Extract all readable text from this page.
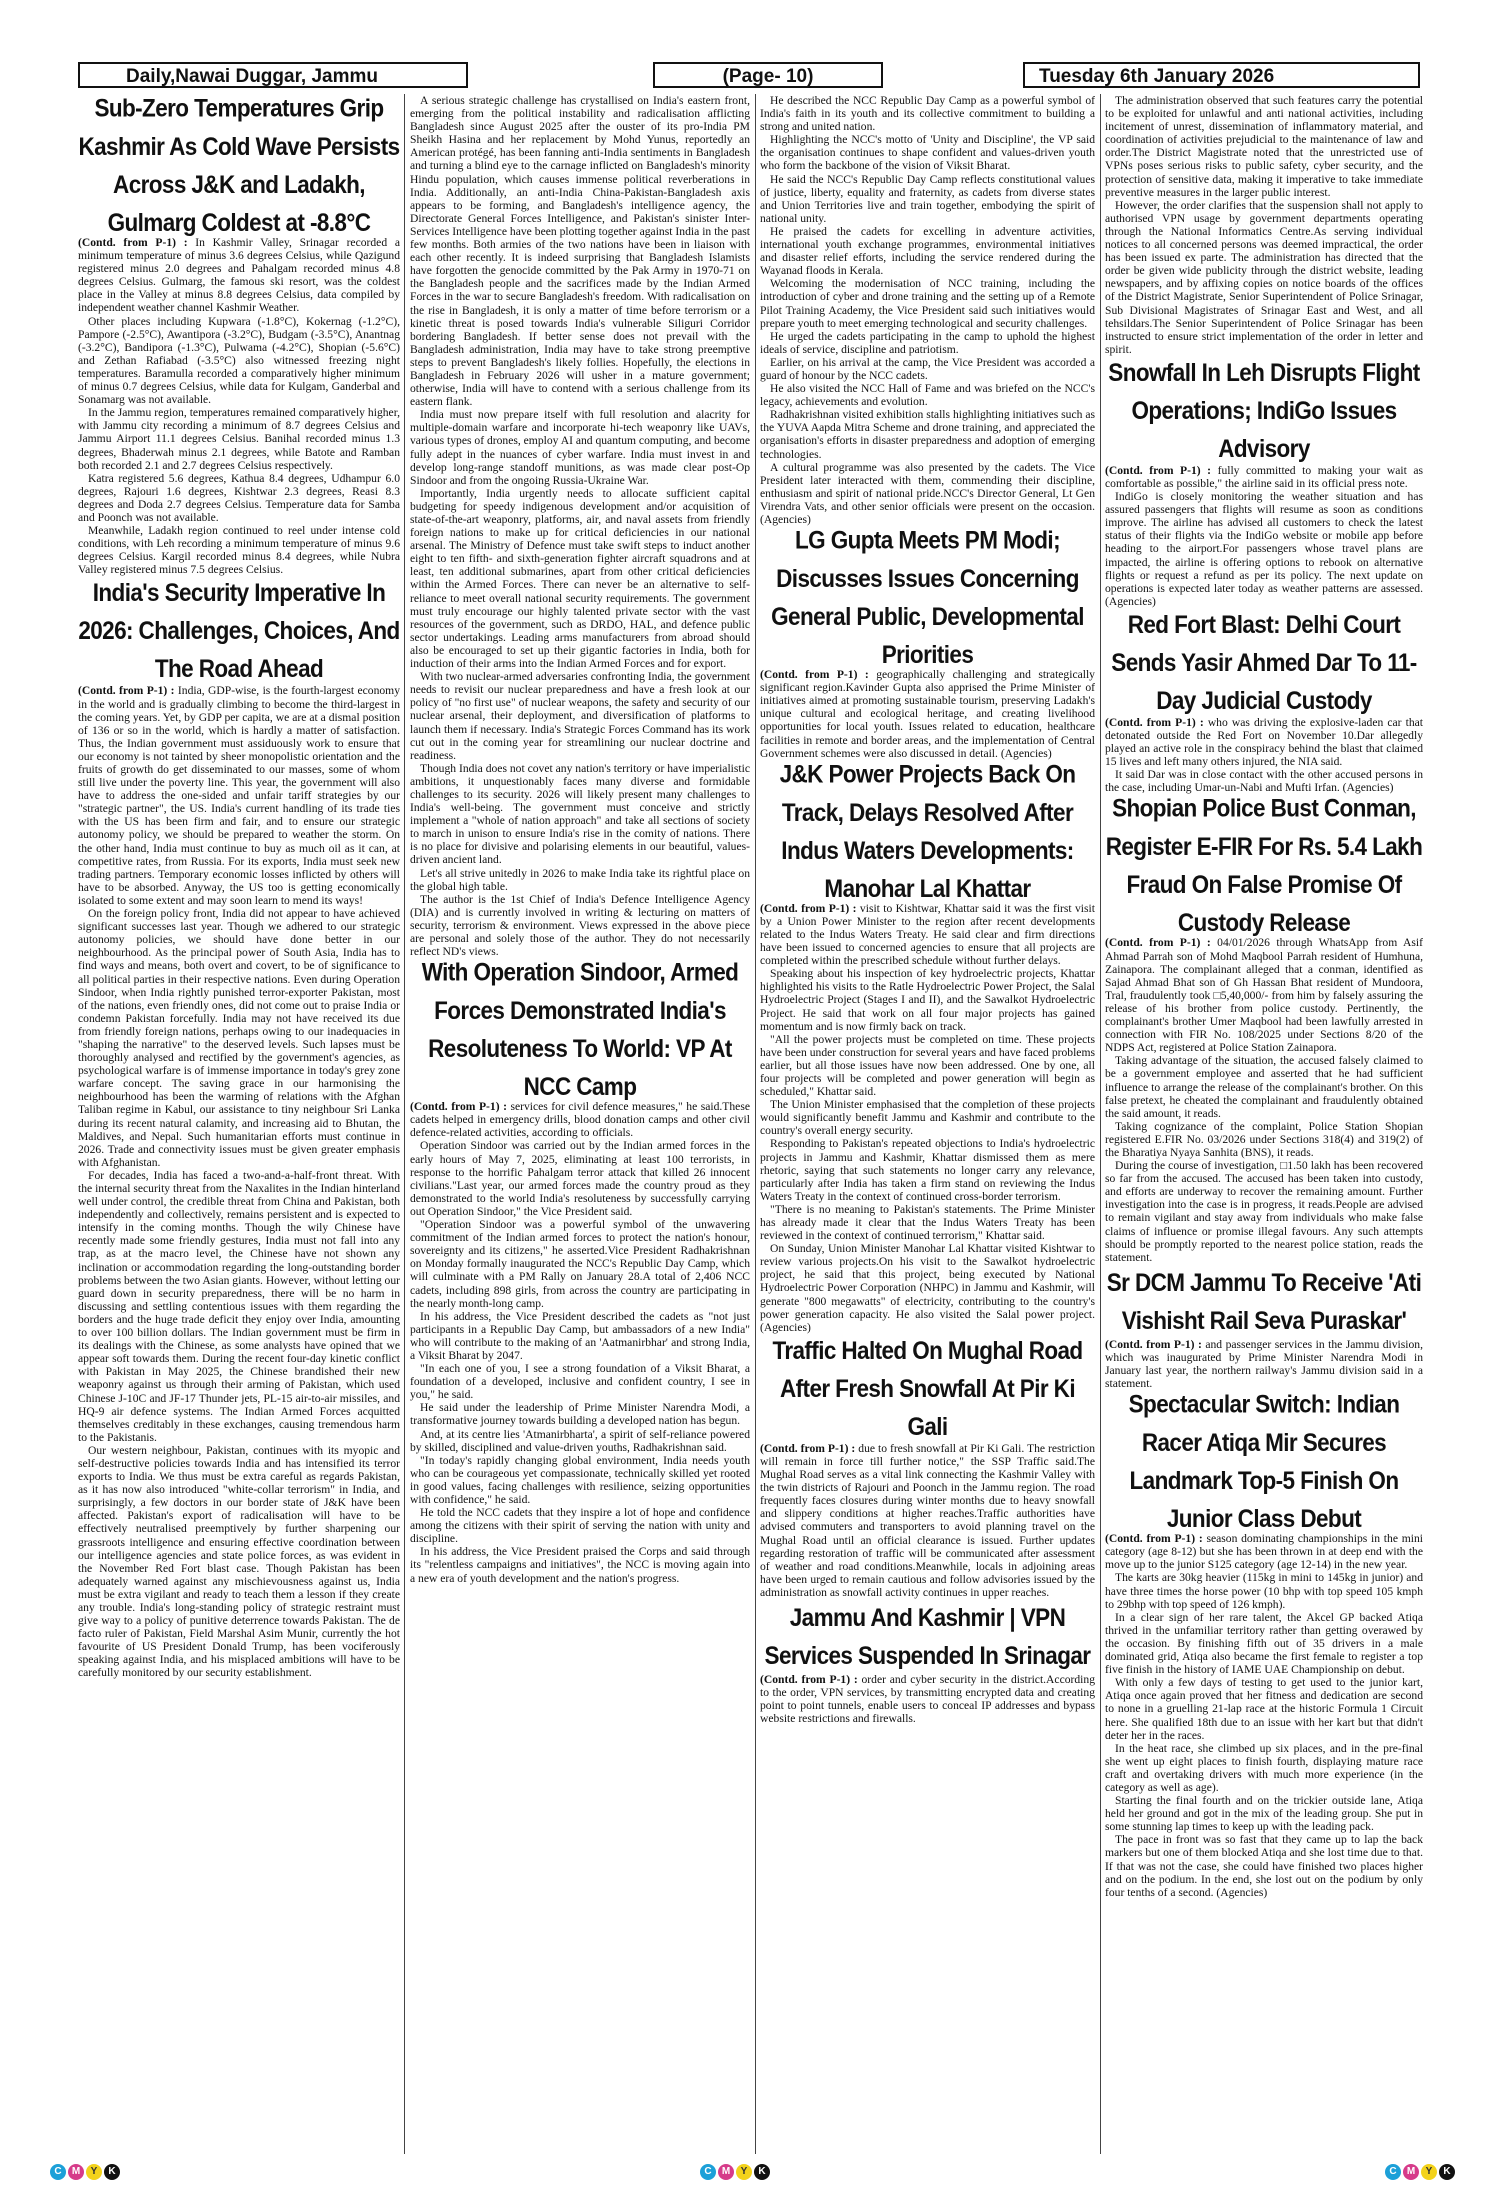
Daily,Nawai Duggar, Jammu	(Page- 10)	Tuesday 6th January 2026
Sub-Zero Temperatures Grip Kashmir As Cold Wave Persists Across J&K and Ladakh, Gulmarg Coldest at -8.8°C

(Contd. from P-1) : In Kashmir Valley, Srinagar recorded a minimum temperature of minus 3.6 degrees Celsius, while Qazigund registered minus 2.0 degrees and Pahalgam recorded minus 4.8 degrees Celsius. Gulmarg, the famous ski resort, was the coldest place in the Valley at minus 8.8 degrees Celsius, data compiled by independent weather channel Kashmir Weather.

Other places including Kupwara (-1.8°C), Kokernag (-1.2°C), Pampore (-2.5°C), Awantipora (-3.2°C), Budgam (-3.5°C), Anantnag (-3.2°C), Bandipora (-1.3°C), Pulwama (-4.2°C), Shopian (-5.6°C) and Zethan Rafiabad (-3.5°C) also witnessed freezing night temperatures. Baramulla recorded a comparatively higher minimum of minus 0.7 degrees Celsius, while data for Kulgam, Ganderbal and Sonamarg was not available.

In the Jammu region, temperatures remained comparatively higher, with Jammu city recording a minimum of 8.7 degrees Celsius and Jammu Airport 11.1 degrees Celsius. Banihal recorded minus 1.3 degrees, Bhaderwah minus 2.1 degrees, while Batote and Ramban both recorded 2.1 and 2.7 degrees Celsius respectively.

Katra registered 5.6 degrees, Kathua 8.4 degrees, Udhampur 6.0 degrees, Rajouri 1.6 degrees, Kishtwar 2.3 degrees, Reasi 8.3 degrees and Doda 2.7 degrees Celsius. Temperature data for Samba and Poonch was not available.

Meanwhile, Ladakh region continued to reel under intense cold conditions, with Leh recording a minimum temperature of minus 9.6 degrees Celsius. Kargil recorded minus 8.4 degrees, while Nubra Valley registered minus 7.5 degrees Celsius.

India's Security Imperative In 2026: Challenges, Choices, And The Road Ahead

(Contd. from P-1) : India, GDP-wise, is the fourth-largest economy in the world and is gradually climbing to become the third-largest in the coming years. Yet, by GDP per capita, we are at a dismal position of 136 or so in the world, which is hardly a matter of satisfaction. Thus, the Indian government must assiduously work to ensure that our economy is not tainted by sheer monopolistic orientation and the fruits of growth do get disseminated to our masses, some of whom still live under the poverty line. This year, the government will also have to address the one-sided and unfair tariff strategies by our "strategic partner", the US. India's current handling of its trade ties with the US has been firm and fair, and to ensure our strategic autonomy policy, we should be prepared to weather the storm. On the other hand, India must continue to buy as much oil as it can, at competitive rates, from Russia. For its exports, India must seek new trading partners. Temporary economic losses inflicted by others will have to be absorbed. Anyway, the US too is getting economically isolated to some extent and may soon learn to mend its ways!

On the foreign policy front, India did not appear to have achieved significant successes last year. Though we adhered to our strategic autonomy policies, we should have done better in our neighbourhood. As the principal power of South Asia, India has to find ways and means, both overt and covert, to be of significance to all political parties in their respective nations. Even during Operation Sindoor, when India rightly punished terror-exporter Pakistan, most of the nations, even friendly ones, did not come out to praise India or condemn Pakistan forcefully. India may not have received its due from friendly foreign nations, perhaps owing to our inadequacies in "shaping the narrative" to the deserved levels. Such lapses must be thoroughly analysed and rectified by the government's agencies, as psychological warfare is of immense importance in today's grey zone warfare concept. The saving grace in our harmonising the neighbourhood has been the warming of relations with the Afghan Taliban regime in Kabul, our assistance to tiny neighbour Sri Lanka during its recent natural calamity, and increasing aid to Bhutan, the Maldives, and Nepal. Such humanitarian efforts must continue in 2026. Trade and connectivity issues must be given greater emphasis with Afghanistan.

For decades, India has faced a two-and-a-half-front threat. With the internal security threat from the Naxalites in the Indian hinterland well under control, the credible threat from China and Pakistan, both independently and collectively, remains persistent and is expected to intensify in the coming months. Though the wily Chinese have recently made some friendly gestures, India must not fall into any trap, as at the macro level, the Chinese have not shown any inclination or accommodation regarding the long-outstanding border problems between the two Asian giants. However, without letting our guard down in security preparedness, there will be no harm in discussing and settling contentious issues with them regarding the borders and the huge trade deficit they enjoy over India, amounting to over 100 billion dollars. The Indian government must be firm in its dealings with the Chinese, as some analysts have opined that we appear soft towards them. During the recent four-day kinetic conflict with Pakistan in May 2025, the Chinese brandished their new weaponry against us through their arming of Pakistan, which used Chinese J-10C and JF-17 Thunder jets, PL-15 air-to-air missiles, and HQ-9 air defence systems. The Indian Armed Forces acquitted themselves creditably in these exchanges, causing tremendous harm to the Pakistanis.

Our western neighbour, Pakistan, continues with its myopic and self-destructive policies towards India and has intensified its terror exports to India. We thus must be extra careful as regards Pakistan, as it has now also introduced "white-collar terrorism" in India, and surprisingly, a few doctors in our border state of J&K have been affected. Pakistan's export of radicalisation will have to be effectively neutralised preemptively by further sharpening our grassroots intelligence and ensuring effective coordination between our intelligence agencies and state police forces, as was evident in the November Red Fort blast case. Though Pakistan has been adequately warned against any mischievousness against us, India must be extra vigilant and ready to teach them a lesson if they create any trouble. India's long-standing policy of strategic restraint must give way to a policy of punitive deterrence towards Pakistan. The de facto ruler of Pakistan, Field Marshal Asim Munir, currently the hot favourite of US President Donald Trump, has been vociferously speaking against India, and his misplaced ambitions will have to be carefully monitored by our security establishment.

A serious strategic challenge has crystallised on India's eastern front, emerging from the political instability and radicalisation afflicting Bangladesh since August 2025 after the ouster of its pro-India PM Sheikh Hasina and her replacement by Mohd Yunus, reportedly an American protégé, has been fanning anti-India sentiments in Bangladesh and turning a blind eye to the carnage inflicted on Bangladesh's minority Hindu population, which causes immense political reverberations in India. Additionally, an anti-India China-Pakistan-Bangladesh axis appears to be forming, and Bangladesh's intelligence agency, the Directorate General Forces Intelligence, and Pakistan's sinister Inter-Services Intelligence have been plotting together against India in the past few months. Both armies of the two nations have been in liaison with each other recently. It is indeed surprising that Bangladesh Islamists have forgotten the genocide committed by the Pak Army in 1970-71 on the Bangladesh people and the sacrifices made by the Indian Armed Forces in the war to secure Bangladesh's freedom. With radicalisation on the rise in Bangladesh, it is only a matter of time before terrorism or a kinetic threat is posed towards India's vulnerable Siliguri Corridor bordering Bangladesh. If better sense does not prevail with the Bangladesh administration, India may have to take strong preemptive steps to prevent Bangladesh's likely follies. Hopefully, the elections in Bangladesh in February 2026 will usher in a mature government; otherwise, India will have to contend with a serious challenge from its eastern flank.

India must now prepare itself with full resolution and alacrity for multiple-domain warfare and incorporate hi-tech weaponry like UAVs, various types of drones, employ AI and quantum computing, and become fully adept in the nuances of cyber warfare. India must invest in and develop long-range standoff munitions, as was made clear post-Op Sindoor and from the ongoing Russia-Ukraine War.

Importantly, India urgently needs to allocate sufficient capital budgeting for speedy indigenous development and/or acquisition of state-of-the-art weaponry, platforms, air, and naval assets from friendly foreign nations to make up for critical deficiencies in our national arsenal. The Ministry of Defence must take swift steps to induct another eight to ten fifth- and sixth-generation fighter aircraft squadrons and at least, ten additional submarines, apart from other critical deficiencies within the Armed Forces. There can never be an alternative to self-reliance to meet overall national security requirements. The government must truly encourage our highly talented private sector with the vast resources of the government, such as DRDO, HAL, and defence public sector undertakings. Leading arms manufacturers from abroad should also be encouraged to set up their gigantic factories in India, both for induction of their arms into the Indian Armed Forces and for export.

With two nuclear-armed adversaries confronting India, the government needs to revisit our nuclear preparedness and have a fresh look at our policy of "no first use" of nuclear weapons, the safety and security of our nuclear arsenal, their deployment, and diversification of platforms to launch them if necessary. India's Strategic Forces Command has its work cut out in the coming year for streamlining our nuclear doctrine and readiness.

Though India does not covet any nation's territory or have imperialistic ambitions, it unquestionably faces many diverse and formidable challenges to its security. 2026 will likely present many challenges to India's well-being. The government must conceive and strictly implement a "whole of nation approach" and take all sections of society to march in unison to ensure India's rise in the comity of nations. There is no place for divisive and polarising elements in our beautiful, values-driven ancient land.

Let's all strive unitedly in 2026 to make India take its rightful place on the global high table.

The author is the 1st Chief of India's Defence Intelligence Agency (DIA) and is currently involved in writing & lecturing on matters of security, terrorism & environment. Views expressed in the above piece are personal and solely those of the author. They do not necessarily reflect ND's views.

With Operation Sindoor, Armed Forces Demonstrated India's Resoluteness To World: VP At NCC Camp

(Contd. from P-1) : services for civil defence measures," he said.These cadets helped in emergency drills, blood donation camps and other civil defence-related activities, according to officials.

Operation Sindoor was carried out by the Indian armed forces in the early hours of May 7, 2025, eliminating at least 100 terrorists, in response to the horrific Pahalgam terror attack that killed 26 innocent civilians."Last year, our armed forces made the country proud as they demonstrated to the world India's resoluteness by successfully carrying out Operation Sindoor," the Vice President said.

"Operation Sindoor was a powerful symbol of the unwavering commitment of the Indian armed forces to protect the nation's honour, sovereignty and its citizens," he asserted.Vice President Radhakrishnan on Monday formally inaugurated the NCC's Republic Day Camp, which will culminate with a PM Rally on January 28.A total of 2,406 NCC cadets, including 898 girls, from across the country are participating in the nearly month-long camp.

In his address, the Vice President described the cadets as "not just participants in a Republic Day Camp, but ambassadors of a new India" who will contribute to the making of an 'Aatmanirbhar' and strong India, a Viksit Bharat by 2047.

"In each one of you, I see a strong foundation of a Viksit Bharat, a foundation of a developed, inclusive and confident country, I see in you," he said.

He said under the leadership of Prime Minister Narendra Modi, a transformative journey towards building a developed nation has begun.

And, at its centre lies 'Atmanirbharta', a spirit of self-reliance powered by skilled, disciplined and value-driven youths, Radhakrishnan said.

"In today's rapidly changing global environment, India needs youth who can be courageous yet compassionate, technically skilled yet rooted in good values, facing challenges with resilience, seizing opportunities with confidence," he said.

He told the NCC cadets that they inspire a lot of hope and confidence among the citizens with their spirit of serving the nation with unity and discipline.

In his address, the Vice President praised the Corps and said through its "relentless campaigns and initiatives", the NCC is moving again into a new era of youth development and the nation's progress.

He described the NCC Republic Day Camp as a powerful symbol of India's faith in its youth and its collective commitment to building a strong and united nation.

Highlighting the NCC's motto of 'Unity and Discipline', the VP said the organisation continues to shape confident and values-driven youth who form the backbone of the vision of Viksit Bharat.

He said the NCC's Republic Day Camp reflects constitutional values of justice, liberty, equality and fraternity, as cadets from diverse states and Union Territories live and train together, embodying the spirit of national unity.

He praised the cadets for excelling in adventure activities, international youth exchange programmes, environmental initiatives and disaster relief efforts, including the service rendered during the Wayanad floods in Kerala.

Welcoming the modernisation of NCC training, including the introduction of cyber and drone training and the setting up of a Remote Pilot Training Academy, the Vice President said such initiatives would prepare youth to meet emerging technological and security challenges.

He urged the cadets participating in the camp to uphold the highest ideals of service, discipline and patriotism.

Earlier, on his arrival at the camp, the Vice President was accorded a guard of honour by the NCC cadets.

He also visited the NCC Hall of Fame and was briefed on the NCC's legacy, achievements and evolution.

Radhakrishnan visited exhibition stalls highlighting initiatives such as the YUVA Aapda Mitra Scheme and drone training, and appreciated the organisation's efforts in disaster preparedness and adoption of emerging technologies.

A cultural programme was also presented by the cadets. The Vice President later interacted with them, commending their discipline, enthusiasm and spirit of national pride.NCC's Director General, Lt Gen Virendra Vats, and other senior officials were present on the occasion. (Agencies)

LG Gupta Meets PM Modi; Discusses Issues Concerning General Public, Developmental Priorities

(Contd. from P-1) : geographically challenging and strategically significant region.Kavinder Gupta also apprised the Prime Minister of initiatives aimed at promoting sustainable tourism, preserving Ladakh's unique cultural and ecological heritage, and creating livelihood opportunities for local youth. Issues related to education, healthcare facilities in remote and border areas, and the implementation of Central Government schemes were also discussed in detail. (Agencies)

J&K Power Projects Back On Track, Delays Resolved After Indus Waters Developments: Manohar Lal Khattar

(Contd. from P-1) : visit to Kishtwar, Khattar said it was the first visit by a Union Power Minister to the region after recent developments related to the Indus Waters Treaty. He said clear and firm directions have been issued to concerned agencies to ensure that all projects are completed within the prescribed schedule without further delays.

Speaking about his inspection of key hydroelectric projects, Khattar highlighted his visits to the Ratle Hydroelectric Power Project, the Salal Hydroelectric Project (Stages I and II), and the Sawalkot Hydroelectric Project. He said that work on all four major projects has gained momentum and is now firmly back on track.

"All the power projects must be completed on time. These projects have been under construction for several years and have faced problems earlier, but all those issues have now been addressed. One by one, all four projects will be completed and power generation will begin as scheduled," Khattar said.

The Union Minister emphasised that the completion of these projects would significantly benefit Jammu and Kashmir and contribute to the country's overall energy security.

Responding to Pakistan's repeated objections to India's hydroelectric projects in Jammu and Kashmir, Khattar dismissed them as mere rhetoric, saying that such statements no longer carry any relevance, particularly after India has taken a firm stand on reviewing the Indus Waters Treaty in the context of continued cross-border terrorism.

"There is no meaning to Pakistan's statements. The Prime Minister has already made it clear that the Indus Waters Treaty has been reviewed in the context of continued terrorism," Khattar said.

On Sunday, Union Minister Manohar Lal Khattar visited Kishtwar to review various projects.On his visit to the Sawalkot hydroelectric project, he said that this project, being executed by National Hydroelectric Power Corporation (NHPC) in Jammu and Kashmir, will generate "800 megawatts" of electricity, contributing to the country's power generation capacity. He also visited the Salal power project. (Agencies)

Traffic Halted On Mughal Road After Fresh Snowfall At Pir Ki Gali

(Contd. from P-1) : due to fresh snowfall at Pir Ki Gali. The restriction will remain in force till further notice," the SSP Traffic said.The Mughal Road serves as a vital link connecting the Kashmir Valley with the twin districts of Rajouri and Poonch in the Jammu region. The road frequently faces closures during winter months due to heavy snowfall and slippery conditions at higher reaches.Traffic authorities have advised commuters and transporters to avoid planning travel on the Mughal Road until an official clearance is issued. Further updates regarding restoration of traffic will be communicated after assessment of weather and road conditions.Meanwhile, locals in adjoining areas have been urged to remain cautious and follow advisories issued by the administration as snowfall activity continues in upper reaches.

Jammu And Kashmir | VPN Services Suspended In Srinagar

(Contd. from P-1) : order and cyber security in the district.According to the order, VPN services, by transmitting encrypted data and creating point to point tunnels, enable users to conceal IP addresses and bypass website restrictions and firewalls.

The administration observed that such features carry the potential to be exploited for unlawful and anti national activities, including incitement of unrest, dissemination of inflammatory material, and coordination of activities prejudicial to the maintenance of law and order.The District Magistrate noted that the unrestricted use of VPNs poses serious risks to public safety, cyber security, and the protection of sensitive data, making it imperative to take immediate preventive measures in the larger public interest.

However, the order clarifies that the suspension shall not apply to authorised VPN usage by government departments operating through the National Informatics Centre.As serving individual notices to all concerned persons was deemed impractical, the order has been issued ex parte. The administration has directed that the order be given wide publicity through the district website, leading newspapers, and by affixing copies on notice boards of the offices of the District Magistrate, Senior Superintendent of Police Srinagar, Sub Divisional Magistrates of Srinagar East and West, and all tehsildars.The Senior Superintendent of Police Srinagar has been instructed to ensure strict implementation of the order in letter and spirit.

Snowfall In Leh Disrupts Flight Operations; IndiGo Issues Advisory

(Contd. from P-1) : fully committed to making your wait as comfortable as possible," the airline said in its official press note.

IndiGo is closely monitoring the weather situation and has assured passengers that flights will resume as soon as conditions improve. The airline has advised all customers to check the latest status of their flights via the IndiGo website or mobile app before heading to the airport.For passengers whose travel plans are impacted, the airline is offering options to rebook on alternative flights or request a refund as per its policy. The next update on operations is expected later today as weather patterns are assessed. (Agencies)

Red Fort Blast: Delhi Court Sends Yasir Ahmed Dar To 11-Day Judicial Custody

(Contd. from P-1) : who was driving the explosive-laden car that detonated outside the Red Fort on November 10.Dar allegedly played an active role in the conspiracy behind the blast that claimed 15 lives and left many others injured, the NIA said.

It said Dar was in close contact with the other accused persons in the case, including Umar-un-Nabi and Mufti Irfan. (Agencies)

Shopian Police Bust Conman, Register E-FIR For Rs. 5.4 Lakh Fraud On False Promise Of Custody Release

(Contd. from P-1) : 04/01/2026 through WhatsApp from Asif Ahmad Parrah son of Mohd Maqbool Parrah resident of Humhuna, Zainapora. The complainant alleged that a conman, identified as Sajad Ahmad Bhat son of Gh Hassan Bhat resident of Mundoora, Tral, fraudulently took □5,40,000/- from him by falsely assuring the release of his brother from police custody. Pertinently, the complainant's brother Umer Maqbool had been lawfully arrested in connection with FIR No. 108/2025 under Sections 8/20 of the NDPS Act, registered at Police Station Zainapora.

Taking advantage of the situation, the accused falsely claimed to be a government employee and asserted that he had sufficient influence to arrange the release of the complainant's brother. On this false pretext, he cheated the complainant and fraudulently obtained the said amount, it reads.

Taking cognizance of the complaint, Police Station Shopian registered E.FIR No. 03/2026 under Sections 318(4) and 319(2) of the Bharatiya Nyaya Sanhita (BNS), it reads.

During the course of investigation, □1.50 lakh has been recovered so far from the accused. The accused has been taken into custody, and efforts are underway to recover the remaining amount. Further investigation into the case is in progress, it reads.People are advised to remain vigilant and stay away from individuals who make false claims of influence or promise illegal favours. Any such attempts should be promptly reported to the nearest police station, reads the statement.

Sr DCM Jammu To Receive 'Ati Vishisht Rail Seva Puraskar'

(Contd. from P-1) : and passenger services in the Jammu division, which was inaugurated by Prime Minister Narendra Modi in January last year, the northern railway's Jammu division said in a statement.

Spectacular Switch: Indian Racer Atiqa Mir Secures Landmark Top-5 Finish On Junior Class Debut

(Contd. from P-1) : season dominating championships in the mini category (age 8-12) but she has been thrown in at deep end with the move up to the junior S125 category (age 12-14) in the new year.

The karts are 30kg heavier (115kg in mini to 145kg in junior) and have three times the horse power (10 bhp with top speed 105 kmph to 29bhp with top speed of 126 kmph).

In a clear sign of her rare talent, the Akcel GP backed Atiqa thrived in the unfamiliar territory rather than getting overawed by the occasion. By finishing fifth out of 35 drivers in a male dominated grid, Atiqa also became the first female to register a top five finish in the history of IAME UAE Championship on debut.

With only a few days of testing to get used to the junior kart, Atiqa once again proved that her fitness and dedication are second to none in a gruelling 21-lap race at the historic Formula 1 Circuit here. She qualified 18th due to an issue with her kart but that didn't deter her in the races.

In the heat race, she climbed up six places, and in the pre-final she went up eight places to finish fourth, displaying mature race craft and overtaking drivers with much more experience (in the category as well as age).

Starting the final fourth and on the trickier outside lane, Atiqa held her ground and got in the mix of the leading group. She put in some stunning lap times to keep up with the leading pack.

The pace in front was so fast that they came up to lap the back markers but one of them blocked Atiqa and she lost time due to that. If that was not the case, she could have finished two places higher and on the podium. In the end, she lost out on the podium by only four tenths of a second. (Agencies)

C	M	Y	K	C	M	Y	K	C	M	Y	K
